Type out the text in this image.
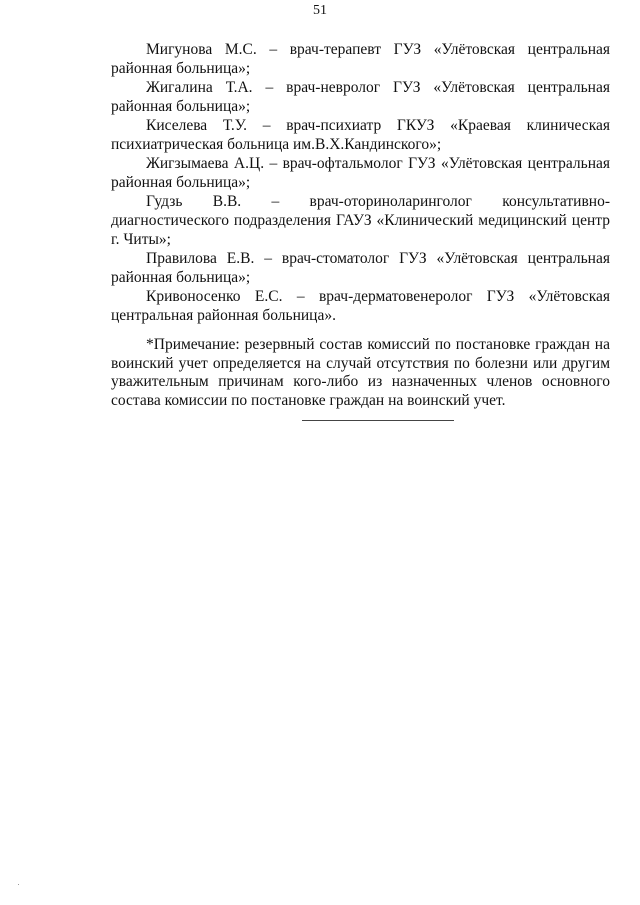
51
Мигунова М.С. – врач-терапевт ГУЗ «Улётовская центральная
районная больница»;
Жигалина Т.А. – врач-невролог ГУЗ «Улётовская центральная
районная больница»;
Киселева Т.У. – врач-психиатр ГКУЗ «Краевая клиническая
психиатрическая больница им.В.Х.Кандинского»;
Жигзымаева А.Ц. – врач-офтальмолог ГУЗ «Улётовская центральная
районная больница»;
Гудзь В.В. – врач-оториноларинголог консультативно-
диагностического подразделения ГАУЗ «Клинический медицинский центр
г. Читы»;
Правилова Е.В. – врач-стоматолог ГУЗ «Улётовская центральная
районная больница»;
Кривоносенко Е.С. – врач-дерматовенеролог ГУЗ «Улётовская
центральная районная больница».
*Примечание: резервный состав комиссий по постановке граждан на
воинский учет определяется на случай отсутствия по болезни или другим
уважительным причинам кого-либо из назначенных членов основного
состава комиссии по постановке граждан на воинский учет.
